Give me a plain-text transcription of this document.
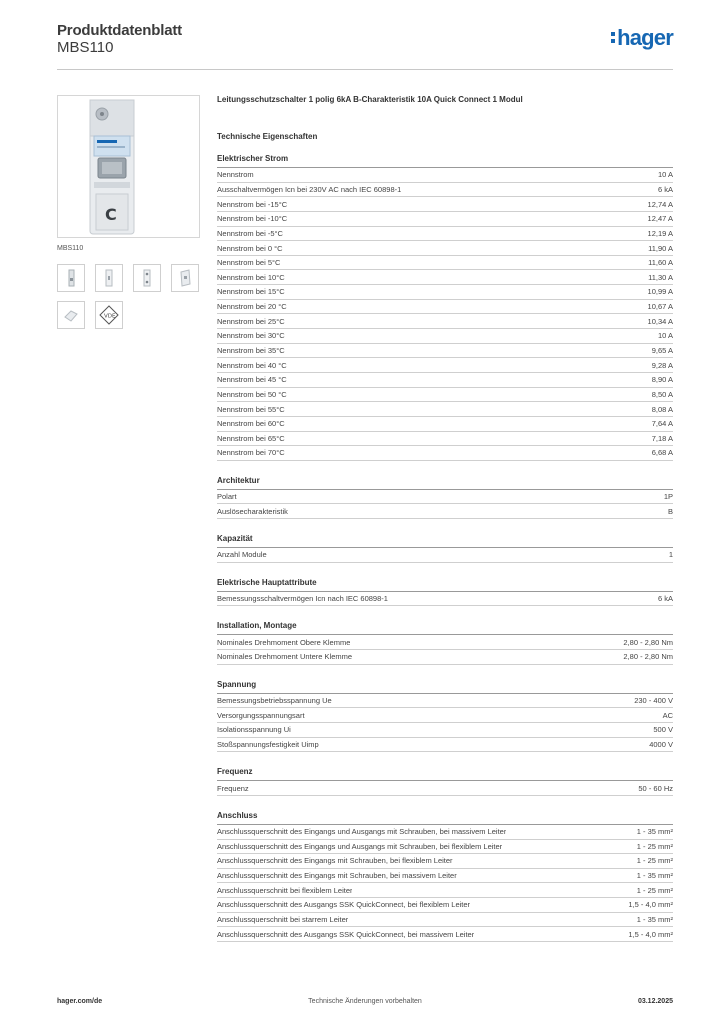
Produktdatenblatt
MBS110	hager
C
MBS110
VDE
Leitungsschutzschalter 1 polig 6kA B-Charakteristik 10A Quick Connect 1 Modul
Technische Eigenschaften
Elektrischer Strom
Nennstrom	10 A
Ausschaltvermögen Icn bei 230V AC nach IEC 60898-1	6 kA
Nennstrom bei -15°C	12,74 A
Nennstrom bei -10°C	12,47 A
Nennstrom bei -5°C	12,19 A
Nennstrom bei 0 °C	11,90 A
Nennstrom bei 5°C	11,60 A
Nennstrom bei 10°C	11,30 A
Nennstrom bei 15°C	10,99 A
Nennstrom bei 20 °C	10,67 A
Nennstrom bei 25°C	10,34 A
Nennstrom bei 30°C	10 A
Nennstrom bei 35°C	9,65 A
Nennstrom bei 40 °C	9,28 A
Nennstrom bei 45 °C	8,90 A
Nennstrom bei 50 °C	8,50 A
Nennstrom bei 55°C	8,08 A
Nennstrom bei 60°C	7,64 A
Nennstrom bei 65°C	7,18 A
Nennstrom bei 70°C	6,68 A
Architektur
Polart	1P
Auslösecharakteristik	B
Kapazität
Anzahl Module	1
Elektrische Hauptattribute
Bemessungsschaltvermögen Icn nach IEC 60898-1	6 kA
Installation, Montage
Nominales Drehmoment Obere Klemme	2,80 - 2,80 Nm
Nominales Drehmoment Untere Klemme	2,80 - 2,80 Nm
Spannung
Bemessungsbetriebsspannung Ue	230 - 400 V
Versorgungsspannungsart	AC
Isolationsspannung Ui	500 V
Stoßspannungsfestigkeit Uimp	4000 V
Frequenz
Frequenz	50 - 60 Hz
Anschluss
Anschlussquerschnitt des Eingangs und Ausgangs mit Schrauben, bei massivem Leiter	1 - 35 mm²
Anschlussquerschnitt des Eingangs und Ausgangs mit Schrauben, bei flexiblem Leiter	1 - 25 mm²
Anschlussquerschnitt des Eingangs mit Schrauben, bei flexiblem Leiter	1 - 25 mm²
Anschlussquerschnitt des Eingangs mit Schrauben, bei massivem Leiter	1 - 35 mm²
Anschlussquerschnitt bei flexiblem Leiter	1 - 25 mm²
Anschlussquerschnitt des Ausgangs SSK QuickConnect, bei flexiblem Leiter	1,5 - 4,0 mm²
Anschlussquerschnitt bei starrem Leiter	1 - 35 mm²
Anschlussquerschnitt des Ausgangs SSK QuickConnect, bei massivem Leiter	1,5 - 4,0 mm²
hager.com/de	Technische Änderungen vorbehalten	03.12.2025
